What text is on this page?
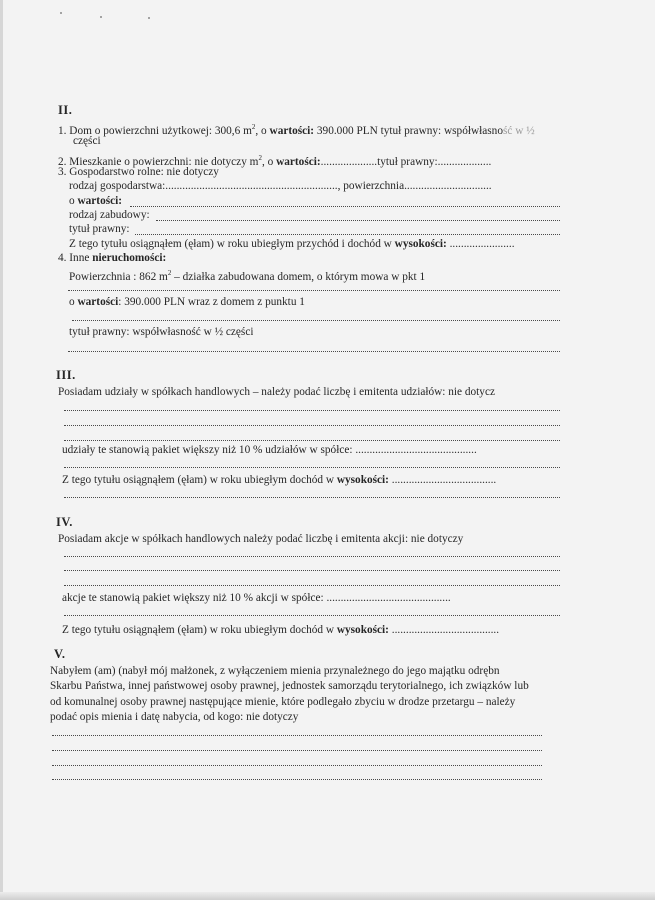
II.
1. Dom o powierzchni użytkowej: 300,6 $m^2$, o wartości: 390.000 PLN tytuł prawny: współwłasność w ½
części
2. Mieszkanie o powierzchni: nie dotyczy $m^2$, o wartości:....................tytuł prawny:...................
3. Gospodarstwo rolne: nie dotyczy
rodzaj gospodarstwa:............................................................., powierzchnia...............................
o wartości:
rodzaj zabudowy:
tytuł prawny:
Z tego tytułu osiągnąłem (ęłam) w roku ubiegłym przychód i dochód w wysokości: .......................
4. Inne nieruchomości:
Powierzchnia : 862 $m^2$ – działka zabudowana domem, o którym mowa w pkt 1
o wartości: 390.000 PLN wraz z domem z punktu 1
tytuł prawny: współwłasność w ½ części
III.
Posiadam udziały w spółkach handlowych – należy podać liczbę i emitenta udziałów: nie dotycz
udziały te stanowią pakiet większy niż 10 % udziałów w spółce: ...........................................
Z tego tytułu osiągnąłem (ęłam) w roku ubiegłym dochód w wysokości: .....................................
IV.
Posiadam akcje w spółkach handlowych należy podać liczbę i emitenta akcji: nie dotyczy
akcje te stanowią pakiet większy niż 10 % akcji w spółce: ............................................
Z tego tytułu osiągnąłem (ęłam) w roku ubiegłym dochód w wysokości: ......................................
V.
Nabyłem (am) (nabył mój małżonek, z wyłączeniem mienia przynależnego do jego majątku odrębn
Skarbu Państwa, innej państwowej osoby prawnej, jednostek samorządu terytorialnego, ich związków lub
od komunalnej osoby prawnej następujące mienie, które podlegało zbyciu w drodze przetargu – należy
podać opis mienia i datę nabycia, od kogo: nie dotyczy
